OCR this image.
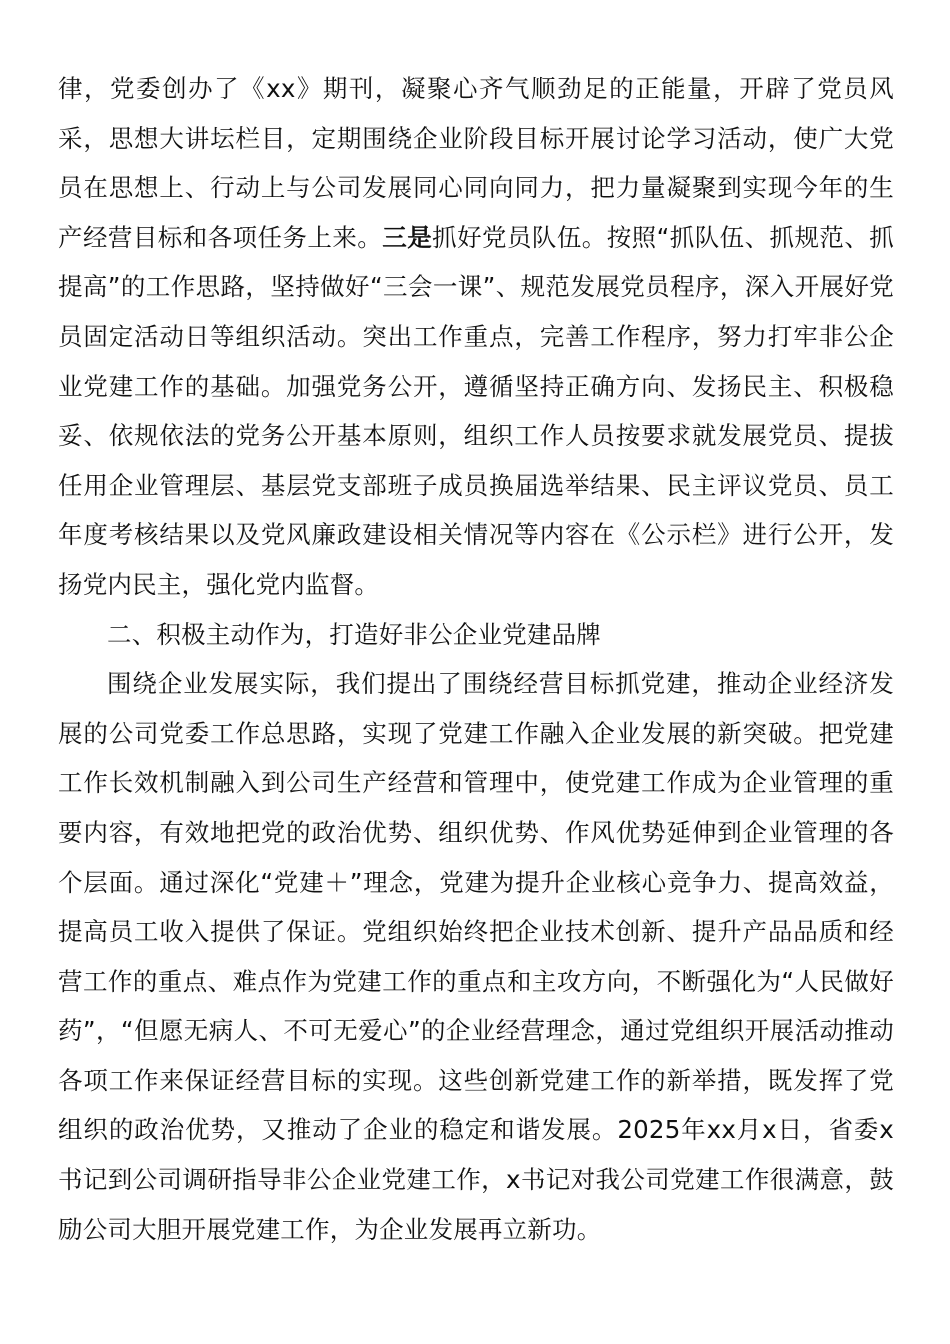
律，党委创办了《xx》期刊，凝聚心齐气顺劲足的正能量，开辟了党员风采，思想大讲坛栏目，定期围绕企业阶段目标开展讨论学习活动，使广大党员在思想上、行动上与公司发展同心同向同力，把力量凝聚到实现今年的生产经营目标和各项任务上来。三是抓好党员队伍。按照“抓队伍、抓规范、抓提高”的工作思路，坚持做好“三会一课”、规范发展党员程序，深入开展好党员固定活动日等组织活动。突出工作重点，完善工作程序，努力打牢非公企业党建工作的基础。加强党务公开，遵循坚持正确方向、发扬民主、积极稳妥、依规依法的党务公开基本原则，组织工作人员按要求就发展党员、提拔任用企业管理层、基层党支部班子成员换届选举结果、民主评议党员、员工年度考核结果以及党风廉政建设相关情况等内容在《公示栏》进行公开，发扬党内民主，强化党内监督。

二、积极主动作为，打造好非公企业党建品牌

围绕企业发展实际，我们提出了围绕经营目标抓党建，推动企业经济发展的公司党委工作总思路，实现了党建工作融入企业发展的新突破。把党建工作长效机制融入到公司生产经营和管理中，使党建工作成为企业管理的重要内容，有效地把党的政治优势、组织优势、作风优势延伸到企业管理的各个层面。通过深化“党建＋”理念，党建为提升企业核心竞争力、提高效益，提高员工收入提供了保证。党组织始终把企业技术创新、提升产品品质和经营工作的重点、难点作为党建工作的重点和主攻方向，不断强化为“人民做好药”，“但愿无病人、不可无爱心”的企业经营理念，通过党组织开展活动推动各项工作来保证经营目标的实现。这些创新党建工作的新举措，既发挥了党组织的政治优势，又推动了企业的稳定和谐发展。2025年xx月x日，省委x书记到公司调研指导非公企业党建工作，x书记对我公司党建工作很满意，鼓励公司大胆开展党建工作，为企业发展再立新功。
